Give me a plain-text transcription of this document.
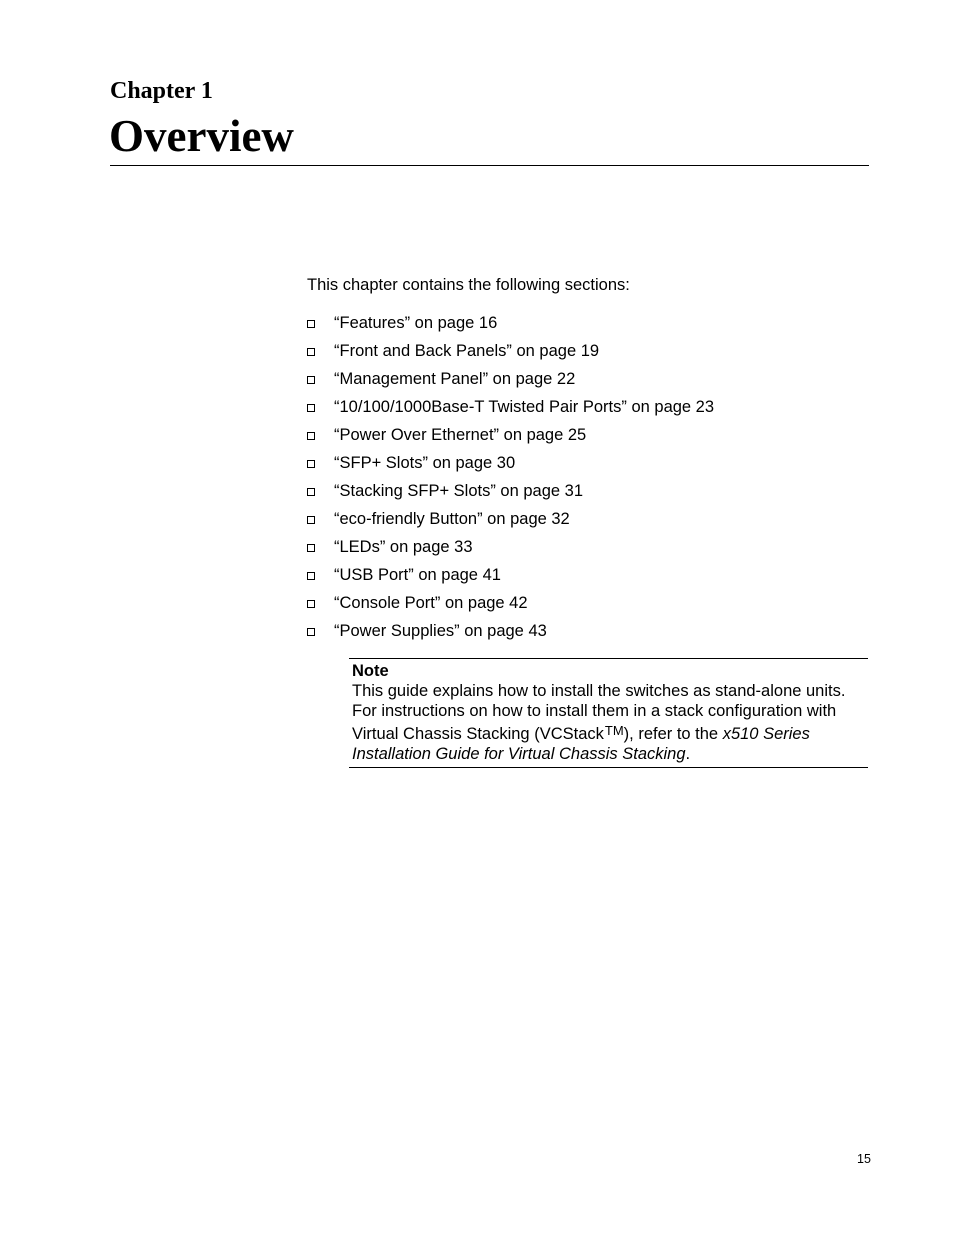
Chapter 1
Overview

This chapter contains the following sections:

“Features” on page 16
“Front and Back Panels” on page 19
“Management Panel” on page 22
“10/100/1000Base-T Twisted Pair Ports” on page 23
“Power Over Ethernet” on page 25
“SFP+ Slots” on page 30
“Stacking SFP+ Slots” on page 31
“eco-friendly Button” on page 32
“LEDs” on page 33
“USB Port” on page 41
“Console Port” on page 42
“Power Supplies” on page 43

Note

This guide explains how to install the switches as stand-alone units. For instructions on how to install them in a stack configuration with Virtual Chassis Stacking (VCStack™), refer to the x510 Series Installation Guide for Virtual Chassis Stacking.

15
